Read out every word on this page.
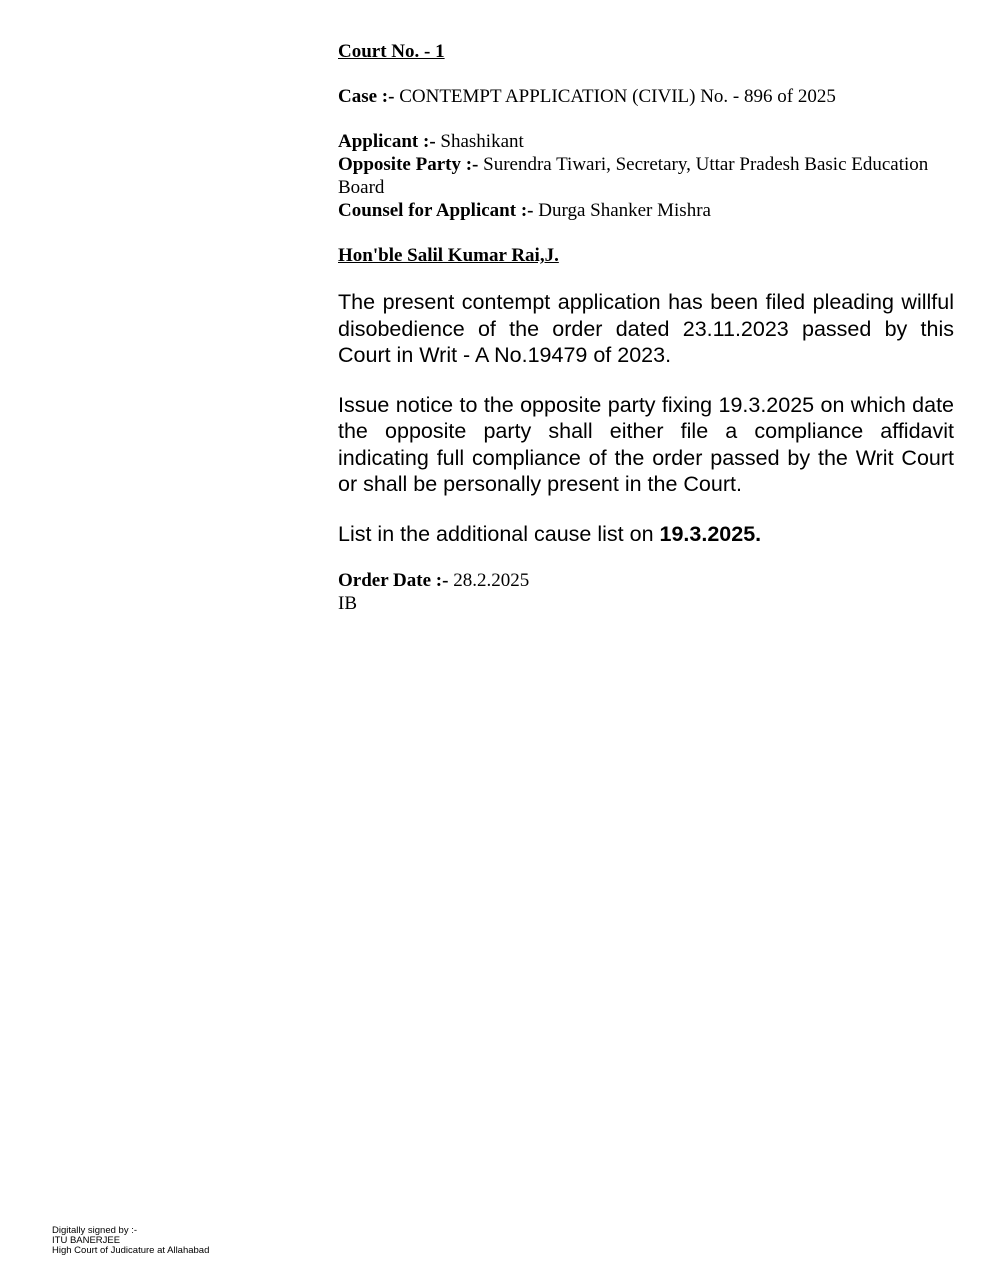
Court No. - 1
Case :- CONTEMPT APPLICATION (CIVIL) No. - 896 of 2025
Applicant :- Shashikant
Opposite Party :- Surendra Tiwari, Secretary, Uttar Pradesh Basic Education Board
Counsel for Applicant :- Durga Shanker Mishra
Hon'ble Salil Kumar Rai,J.

The present contempt application has been filed pleading willful disobedience of the order dated 23.11.2023 passed by this Court in Writ - A No.19479 of 2023.

Issue notice to the opposite party fixing 19.3.2025 on which date the opposite party shall either file a compliance affidavit indicating full compliance of the order passed by the Writ Court or shall be personally present in the Court.

List in the additional cause list on 19.3.2025.

Order Date :- 28.2.2025
IB
Digitally signed by :-
ITU BANERJEE
High Court of Judicature at Allahabad
